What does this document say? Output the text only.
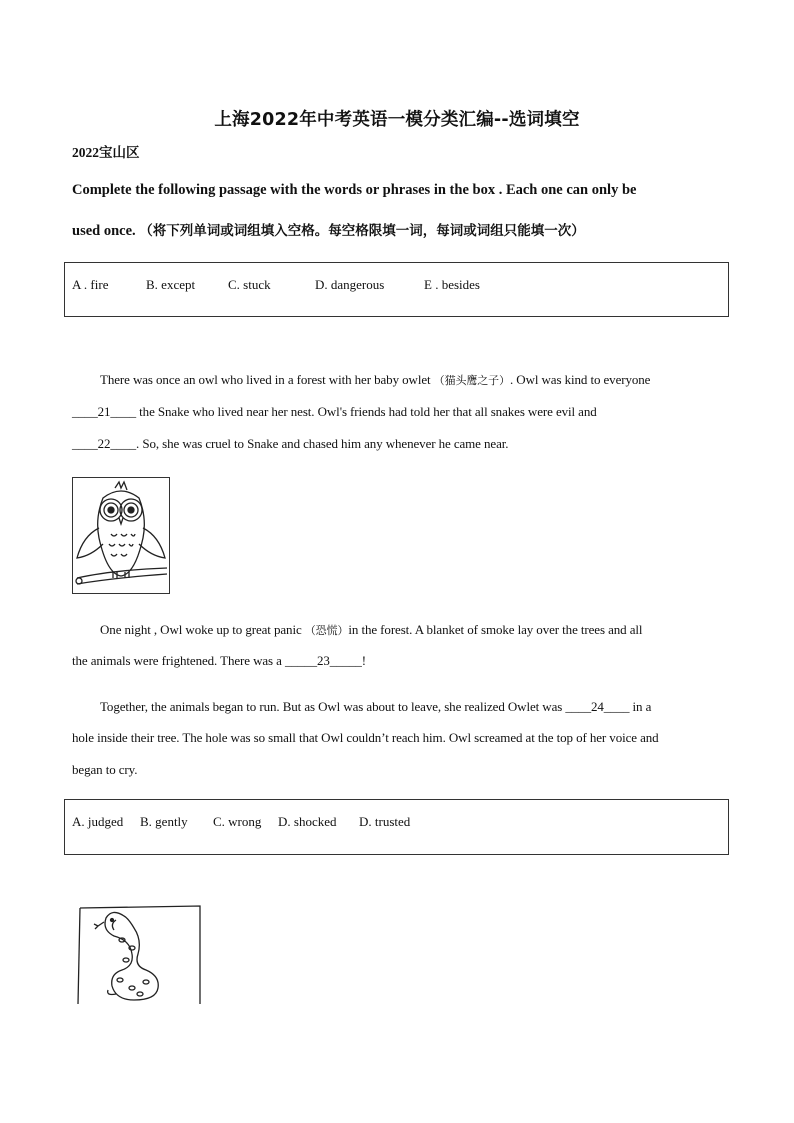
上海2022年中考英语一模分类汇编--选词填空
2022宝山区
Complete the following passage with the words or phrases in the box . Each one can only be
used once. （将下列单词或词组填入空格。每空格限填一词，每词或词组只能填一次）
A . fire	B. except	C. stuck	D. dangerous	E . besides
There was once an owl who lived in a forest with her baby owlet （猫头鹰之子）. Owl was kind to everyone
____21____ the Snake who lived near her nest. Owl's friends had told her that all snakes were evil and
____22____. So, she was cruel to Snake and chased him any whenever he came near.
One night , Owl woke up to great panic （恐慌）in the forest. A blanket of smoke lay over the trees and all
the animals were frightened. There was a _____23_____!
Together, the animals began to run. But as Owl was about to leave, she realized Owlet was ____24____ in a
hole inside their tree. The hole was so small that Owl couldn’t reach him. Owl screamed at the top of her voice and
began to cry.
A. judged B. gently C. wrong D. shocked D. trusted
